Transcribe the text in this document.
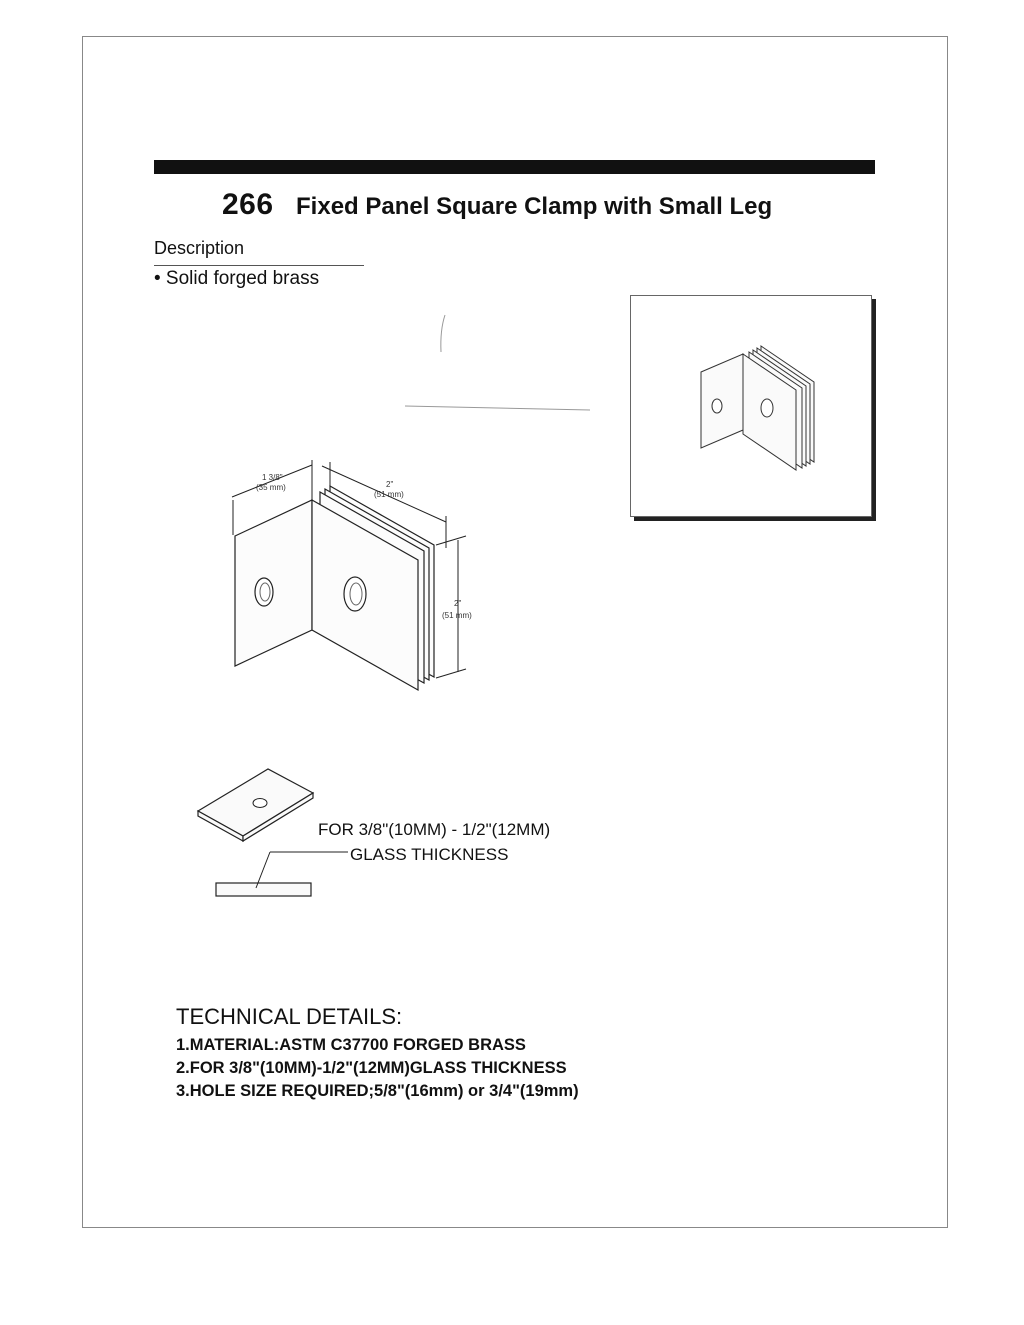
266 Fixed Panel Square Clamp with Small Leg
Description
• Solid forged brass
1 3/8"
(35 mm)	2"
(51 mm)
2"
(51 mm)
FOR 3/8"(10MM) - 1/2"(12MM)
GLASS THICKNESS
TECHNICAL DETAILS:
1.MATERIAL:ASTM C37700 FORGED BRASS
2.FOR 3/8"(10MM)-1/2"(12MM)GLASS THICKNESS
3.HOLE SIZE REQUIRED;5/8"(16mm) or 3/4"(19mm)
